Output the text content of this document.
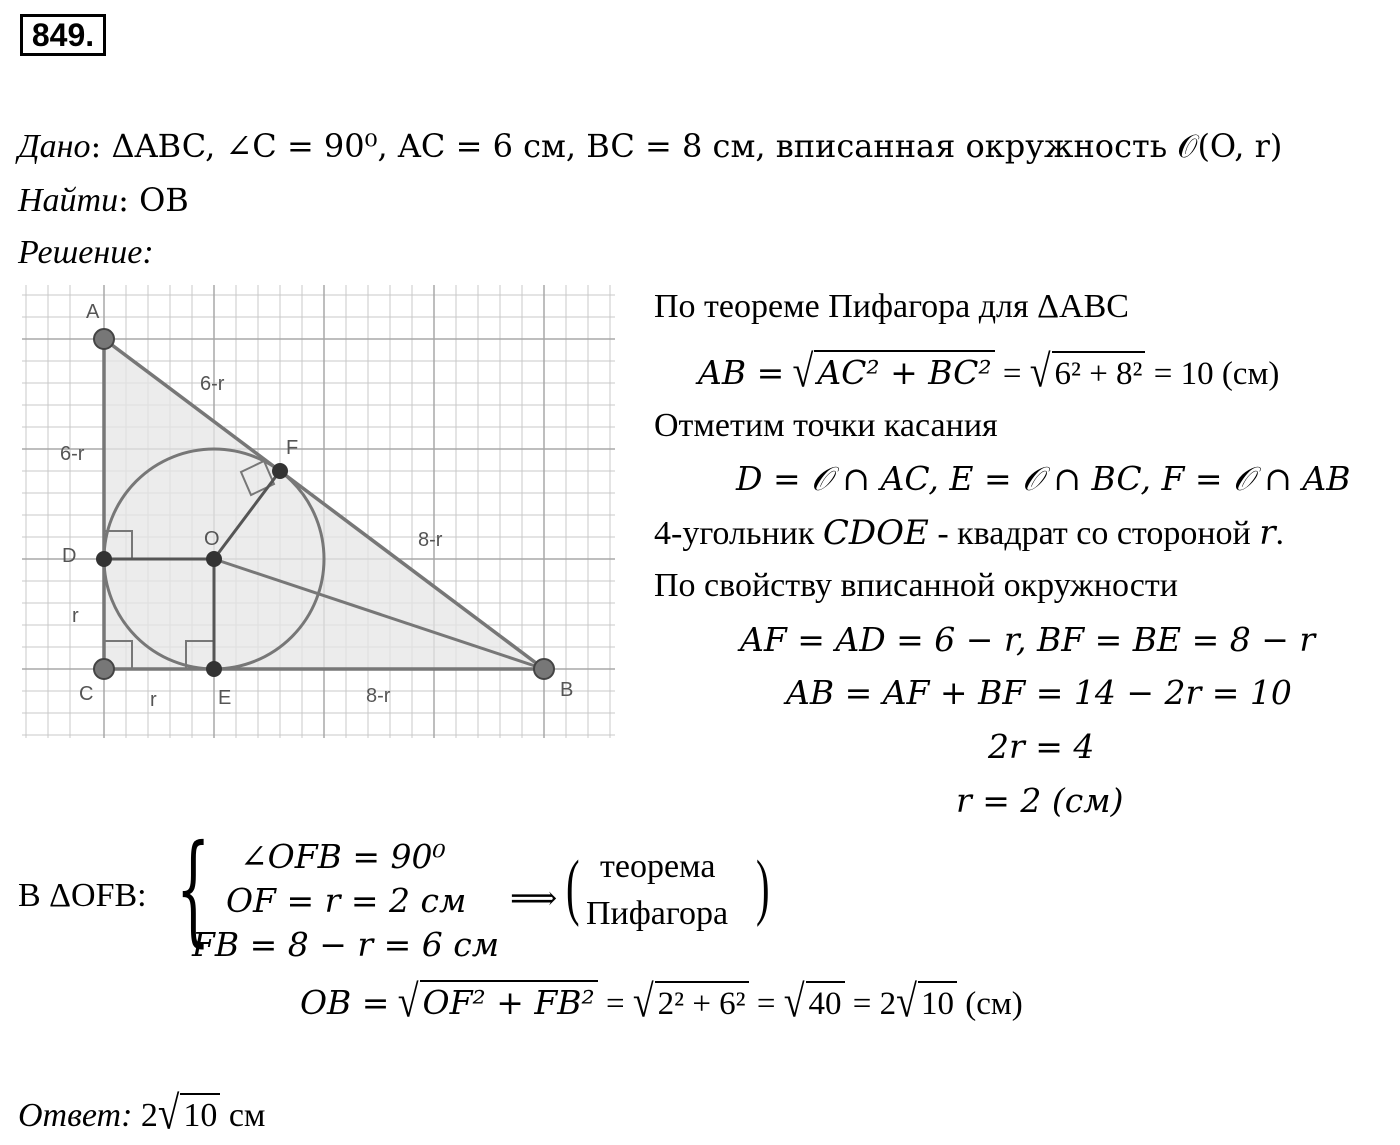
849.
Дано: ΔABC, ∠C = 90⁰, AC = 6 см, BC = 8 см, вписанная окружность 𝒪(O, r)
Найти: OB
Решение:
A
B
C
D
E
F
O
6-r
6-r
8-r
r
r	8-r
По теореме Пифагора для ΔABC
AB = √ AC² + BC² = √ 6² + 8² = 10 (см)
Отметим точки касания
D = 𝒪 ∩ AC, E = 𝒪 ∩ BC, F = 𝒪 ∩ AB
4-угольник CDOE - квадрат со стороной r.
По свойству вписанной окружности
AF = AD = 6 − r, BF = BE = 8 − r
AB = AF + BF = 14 − 2r = 10
2r = 4
r = 2 (см)
В ΔOFB: { ∠OFB = 90⁰
OF = r = 2 см
FB = 8 − r = 6 см
⟹ ( теорема
Пифагора )
OB = √ OF² + FB² = √ 2² + 6² = √ 40 = 2√ 10 (см)
Ответ: 2√ 10 см
